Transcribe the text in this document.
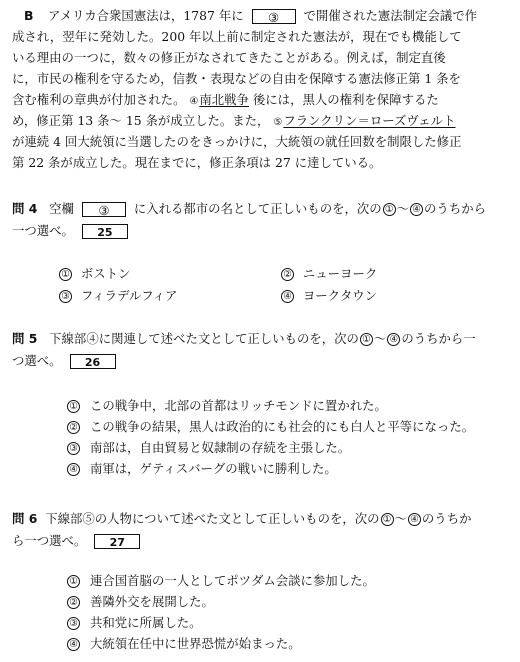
B アメリカ合衆国憲法は，1787 年に ③ で開催された憲法制定会議で作
成され，翌年に発効した。200 年以上前に制定された憲法が，現在でも機能して
いる理由の一つに，数々の修正がなされてきたことがある。例えば，制定直後
に，市民の権利を守るため，信教・表現などの自由を保障する憲法修正第 1 条を
含む権利の章典が付加された。 ④南北戦争 後には，黒人の権利を保障するた
め，修正第 13 条～ 15 条が成立した。また， ⑤フランクリン＝ローズヴェルト
が連続 4 回大統領に当選したのをきっかけに，大統領の就任回数を制限した修正
第 22 条が成立した。現在までに，修正条項は 27 に達している。
問 4 空欄 ③ に入れる都市の名として正しいものを，次の ① ～ ④ のうちから
一つ選べ。 25
① ボストン	② ニューヨーク
③ フィラデルフィア	④ ヨークタウン
問 5 下線部④に関連して述べた文として正しいものを，次の ① ～ ④ のうちから一
つ選べ。 26
① この戦争中，北部の首都はリッチモンドに置かれた。
② この戦争の結果，黒人は政治的にも社会的にも白人と平等になった。
③ 南部は，自由貿易と奴隷制の存続を主張した。
④ 南軍は，ゲティスバーグの戦いに勝利した。
問 6 下線部⑤の人物について述べた文として正しいものを，次の ① ～ ④ のうちか
ら一つ選べ。 27
① 連合国首脳の一人としてポツダム会談に参加した。
② 善隣外交を展開した。
③ 共和党に所属した。
④ 大統領在任中に世界恐慌が始まった。
